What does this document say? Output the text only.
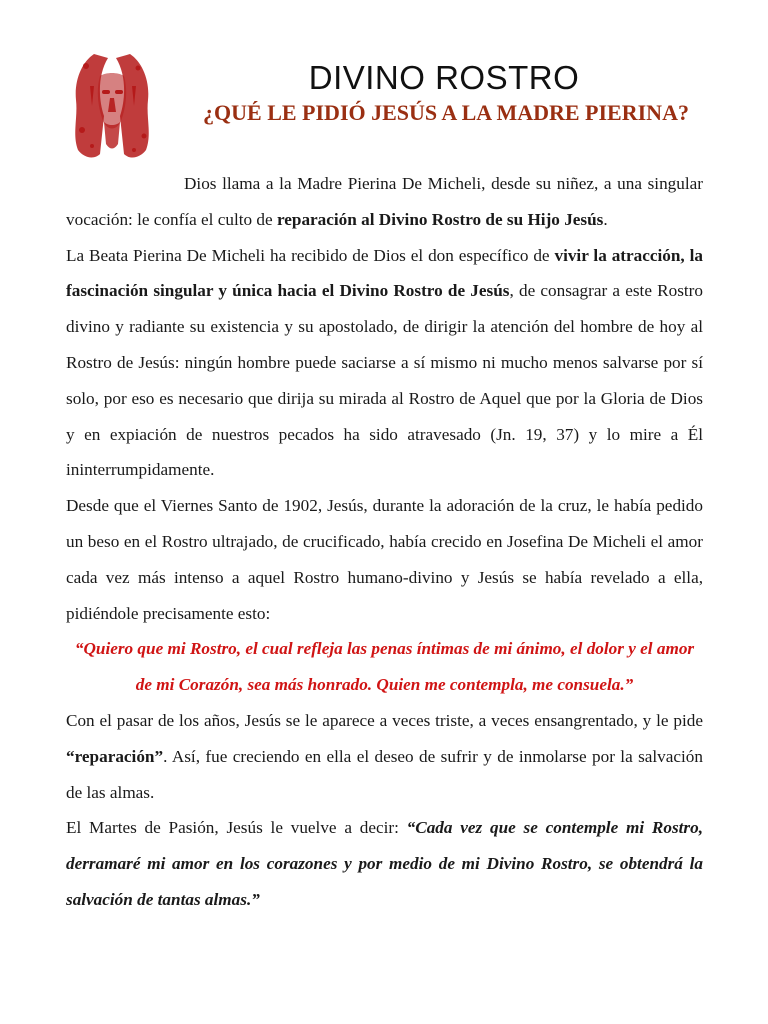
DIVINO ROSTRO
¿QUÉ LE PIDIÓ JESÚS A LA MADRE PIERINA?

Dios llama a la Madre Pierina De Micheli, desde su niñez, a una singular vocación: le confía el culto de reparación al Divino Rostro de su Hijo Jesús.

La Beata Pierina De Micheli ha recibido de Dios el don específico de vivir la atracción, la fascinación singular y única hacia el Divino Rostro de Jesús, de consagrar a este Rostro divino y radiante su existencia y su apostolado, de dirigir la atención del hombre de hoy al Rostro de Jesús: ningún hombre puede saciarse a sí mismo ni mucho menos salvarse por sí solo, por eso es necesario que dirija su mirada al Rostro de Aquel que por la Gloria de Dios y en expiación de nuestros pecados ha sido atravesado (Jn. 19, 37) y lo mire a Él ininterrumpidamente.

Desde que el Viernes Santo de 1902, Jesús, durante la adoración de la cruz, le había pedido un beso en el Rostro ultrajado, de crucificado, había crecido en Josefina De Micheli el amor cada vez más intenso a aquel Rostro humano-divino y Jesús se había revelado a ella, pidiéndole precisamente esto:

“Quiero que mi Rostro, el cual refleja las penas íntimas de mi ánimo, el dolor y el amor de mi Corazón, sea más honrado. Quien me contempla, me consuela.”

Con el pasar de los años, Jesús se le aparece a veces triste, a veces ensangrentado, y le pide “reparación”. Así, fue creciendo en ella el deseo de sufrir y de inmolarse por la salvación de las almas.

El Martes de Pasión, Jesús le vuelve a decir: “Cada vez que se contemple mi Rostro, derramaré mi amor en los corazones y por medio de mi Divino Rostro, se obtendrá la salvación de tantas almas.”
